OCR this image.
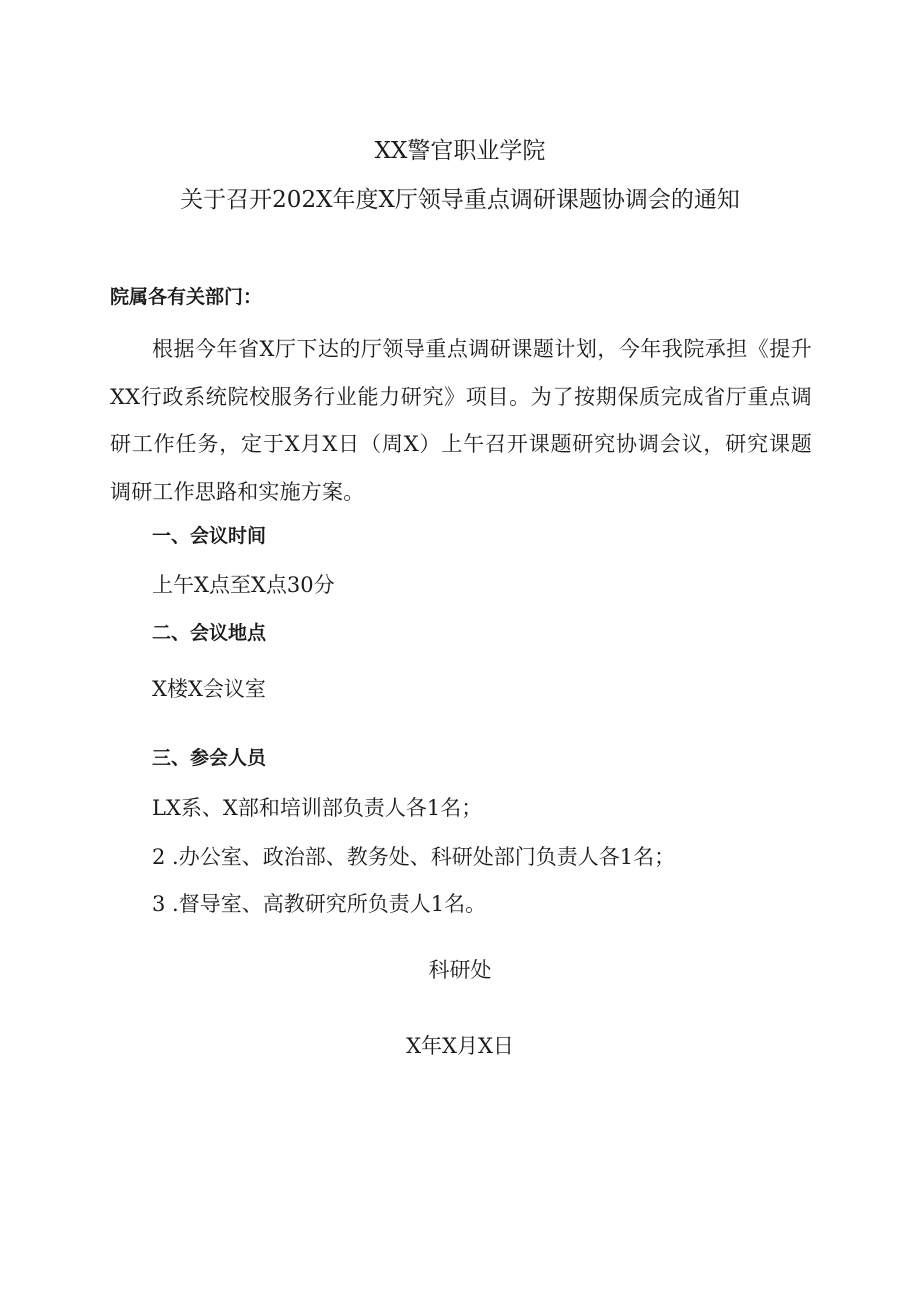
XX警官职业学院
关于召开202X年度X厅领导重点调研课题协调会的通知
院属各有关部门：
根据今年省X厅下达的厅领导重点调研课题计划，今年我院承担《提升XX行政系统院校服务行业能力研究》项目。为了按期保质完成省厅重点调研工作任务，定于X月X日（周X）上午召开课题研究协调会议，研究课题调研工作思路和实施方案。
一、会议时间
上午X点至X点30分
二、会议地点
X楼X会议室
三、参会人员
LX系、X部和培训部负责人各1名；
2 .办公室、政治部、教务处、科研处部门负责人各1名；
3 .督导室、高教研究所负责人1名。
科研处
X年X月X日
